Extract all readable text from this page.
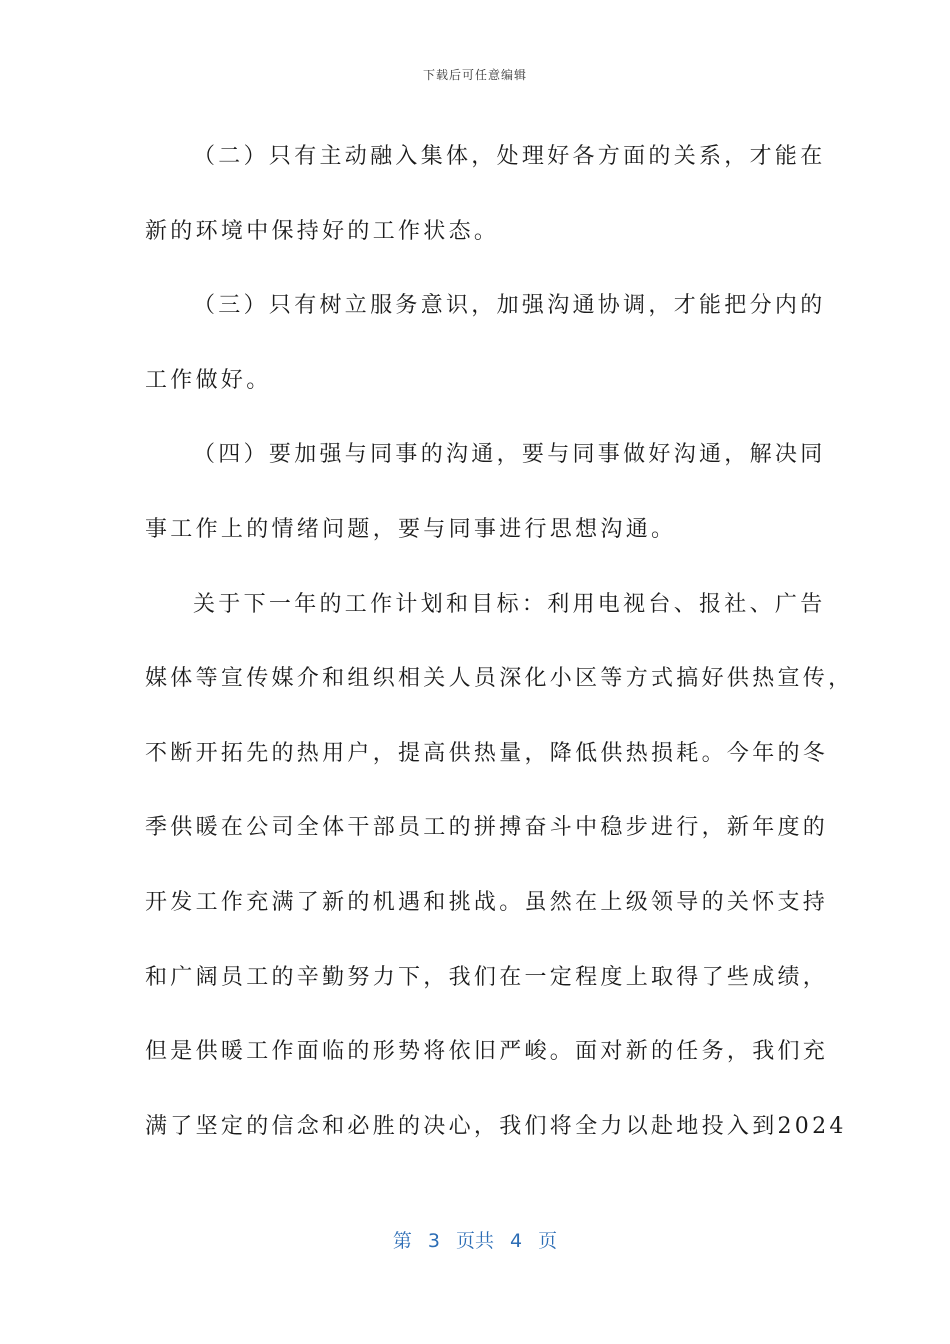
下载后可任意编辑
（二）只有主动融入集体，处理好各方面的关系，才能在
新的环境中保持好的工作状态。
（三）只有树立服务意识，加强沟通协调，才能把分内的
工作做好。
（四）要加强与同事的沟通，要与同事做好沟通，解决同
事工作上的情绪问题，要与同事进行思想沟通。
关于下一年的工作计划和目标：利用电视台、报社、广告
媒体等宣传媒介和组织相关人员深化小区等方式搞好供热宣传，
不断开拓先的热用户，提高供热量，降低供热损耗。今年的冬
季供暖在公司全体干部员工的拼搏奋斗中稳步进行，新年度的
开发工作充满了新的机遇和挑战。虽然在上级领导的关怀支持
和广阔员工的辛勤努力下，我们在一定程度上取得了些成绩，
但是供暖工作面临的形势将依旧严峻。面对新的任务，我们充
满了坚定的信念和必胜的决心，我们将全力以赴地投入到2024
第 3 页共 4 页
